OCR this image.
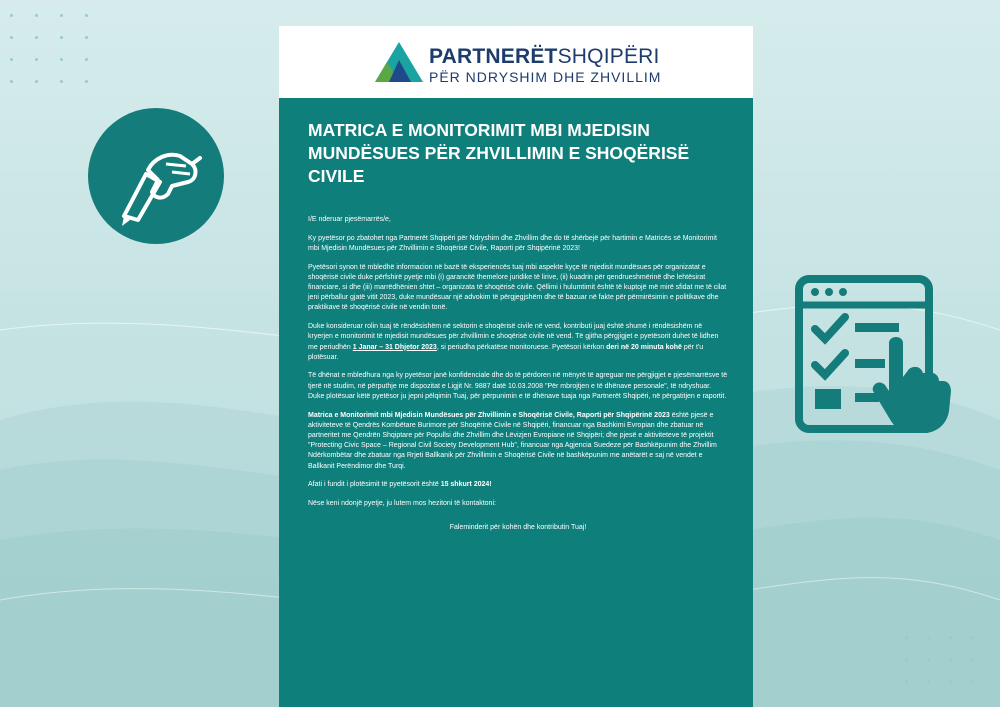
PARTNERËTSHQIPËRI
PËR NDRYSHIM DHE ZHVILLIM
MATRICA E MONITORIMIT MBI MJEDISIN MUNDËSUES PËR ZHVILLIMIN E SHOQËRISË CIVILE

I/E nderuar pjesëmarrës/e,

Ky pyetësor po zbatohet nga Partnerët Shqipëri për Ndryshim dhe Zhvillim dhe do të shërbejë për hartimin e Matricës së Monitorimit mbi Mjedisin Mundësues për Zhvillimin e Shoqërisë Civile, Raporti për Shqipërinë 2023!

Pyetësori synon të mbledhë informacion në bazë të eksperiencës tuaj mbi aspekte kyçe të mjedisit mundësues për organizatat e shoqërisë civile duke përfshirë pyetje mbi (i) garancitë themelore juridike të lirive, (ii) kuadrin për qendrueshmërinë dhe lehtësirat financiare, si dhe (iii) marrëdhënien shtet – organizata të shoqërisë civile. Qëllimi i hulumtimit është të kuptojë më mirë sfidat me të cilat jeni përballur gjatë vitit 2023, duke mundësuar një advokim të përgjegjshëm dhe të bazuar në fakte për përmirësimin e politikave dhe praktikave të shoqërisë civile në vendin tonë.

Duke konsideruar rolin tuaj të rëndësishëm në sektorin e shoqërisë civile në vend, kontributi juaj është shumë i rëndësishëm në kryerjen e monitorimit të mjedisit mundësues për zhvillimin e shoqërisë civile në vend. Të gjitha përgjigjet e pyetësorit duhet të lidhen me periudhën 1 Janar – 31 Dhjetor 2023, si periudha përkatëse monitoruese. Pyetësori kërkon deri në 20 minuta kohë për t'u plotësuar.

Të dhënat e mbledhura nga ky pyetësor janë konfidenciale dhe do të përdoren në mënyrë të agreguar me përgjigjet e pjesëmarrësve të tjerë në studim, në përputhje me dispozitat e Ligjit Nr. 9887 datë 10.03.2008 "Për mbrojtjen e të dhënave personale", të ndryshuar. Duke plotësuar këtë pyetësor ju jepni pëlqimin Tuaj, për përpunimin e të dhënave tuaja nga Partnerët Shqipëri, në përgatitjen e raportit.

Matrica e Monitorimit mbi Mjedisin Mundësues për Zhvillimin e Shoqërisë Civile, Raporti për Shqipërinë 2023 është pjesë e aktiviteteve të Qendrës Kombëtare Burimore për Shoqërinë Civile në Shqipëri, financuar nga Bashkimi Evropian dhe zbatuar në partneritet me Qendrën Shqiptare për Popullsi dhe Zhvillim dhe Lëvizjen Evropiane në Shqipëri; dhe pjesë e aktiviteteve të projektit "Protecting Civic Space – Regional Civil Society Development Hub", financuar nga Agjencia Suedeze për Bashkëpunim dhe Zhvillim Ndërkombëtar dhe zbatuar nga Rrjeti Ballkanik për Zhvillimin e Shoqërisë Civile në bashkëpunim me anëtarët e saj në vendet e Ballkanit Perëndimor dhe Turqi.

Afati i fundit i plotësimit të pyetësorit është 15 shkurt 2024!

Nëse keni ndonjë pyetje, ju lutem mos hezitoni të kontaktoni:

Faleminderit për kohën dhe kontributin Tuaj!
